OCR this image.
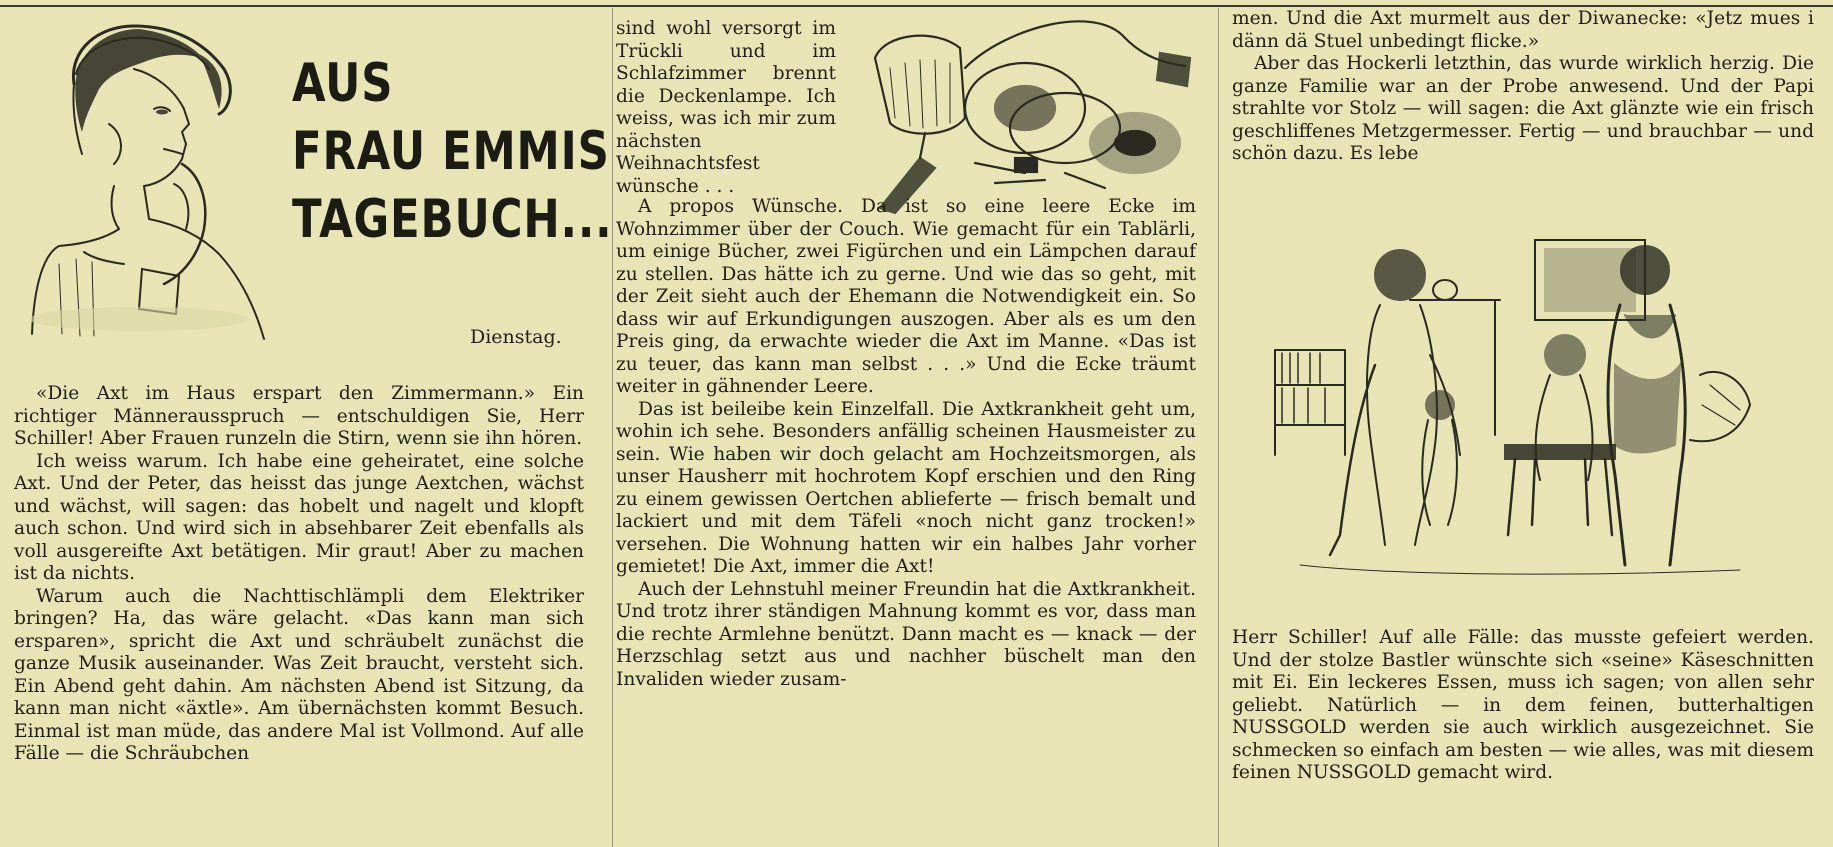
AUS
FRAU EMMIS
TAGEBUCH...
Dienstag.

«Die Axt im Haus erspart den Zimmermann.» Ein richtiger Männerausspruch — entschuldigen Sie, Herr Schiller! Aber Frauen runzeln die Stirn, wenn sie ihn hören.

Ich weiss warum. Ich habe eine geheiratet, eine solche Axt. Und der Peter, das heisst das junge Aextchen, wächst und wächst, will sagen: das hobelt und nagelt und klopft auch schon. Und wird sich in absehbarer Zeit ebenfalls als voll ausgereifte Axt betätigen. Mir graut! Aber zu machen ist da nichts.

Warum auch die Nachttischlämpli dem Elektriker bringen? Ha, das wäre gelacht. «Das kann man sich ersparen», spricht die Axt und schräubelt zunächst die ganze Musik auseinander. Was Zeit braucht, versteht sich. Ein Abend geht dahin. Am nächsten Abend ist Sitzung, da kann man nicht «äxtle». Am übernächsten kommt Besuch. Einmal ist man müde, das andere Mal ist Vollmond. Auf alle Fälle — die Schräubchen

sind wohl versorgt im Trückli und im Schlafzimmer brennt die Deckenlampe. Ich weiss, was ich mir zum nächsten Weihnachtsfest wünsche . . .

A propos Wünsche. Da ist so eine leere Ecke im Wohnzimmer über der Couch. Wie gemacht für ein Tablärli, um einige Bücher, zwei Figürchen und ein Lämpchen darauf zu stellen. Das hätte ich zu gerne. Und wie das so geht, mit der Zeit sieht auch der Ehemann die Notwendigkeit ein. So dass wir auf Erkundigungen auszogen. Aber als es um den Preis ging, da erwachte wieder die Axt im Manne. «Das ist zu teuer, das kann man selbst . . .» Und die Ecke träumt weiter in gähnender Leere.

Das ist beileibe kein Einzelfall. Die Axtkrankheit geht um, wohin ich sehe. Besonders anfällig scheinen Hausmeister zu sein. Wie haben wir doch gelacht am Hochzeitsmorgen, als unser Hausherr mit hochrotem Kopf erschien und den Ring zu einem gewissen Oertchen ablieferte — frisch bemalt und lackiert und mit dem Täfeli «noch nicht ganz trocken!» versehen. Die Wohnung hatten wir ein halbes Jahr vorher gemietet! Die Axt, immer die Axt!

Auch der Lehnstuhl meiner Freundin hat die Axtkrankheit. Und trotz ihrer ständigen Mahnung kommt es vor, dass man die rechte Armlehne benützt. Dann macht es — knack — der Herzschlag setzt aus und nachher büschelt man den Invaliden wieder zusam-

men. Und die Axt murmelt aus der Diwanecke: «Jetz mues i dänn dä Stuel unbedingt flicke.»

Aber das Hockerli letzthin, das wurde wirklich herzig. Die ganze Familie war an der Probe anwesend. Und der Papi strahlte vor Stolz — will sagen: die Axt glänzte wie ein frisch geschliffenes Metzgermesser. Fertig — und brauchbar — und schön dazu. Es lebe

Herr Schiller! Auf alle Fälle: das musste gefeiert werden. Und der stolze Bastler wünschte sich «seine» Käseschnitten mit Ei. Ein leckeres Essen, muss ich sagen; von allen sehr geliebt. Natürlich — in dem feinen, butterhaltigen NUSSGOLD werden sie auch wirklich ausgezeichnet. Sie schmecken so einfach am besten — wie alles, was mit diesem feinen NUSSGOLD gemacht wird.
